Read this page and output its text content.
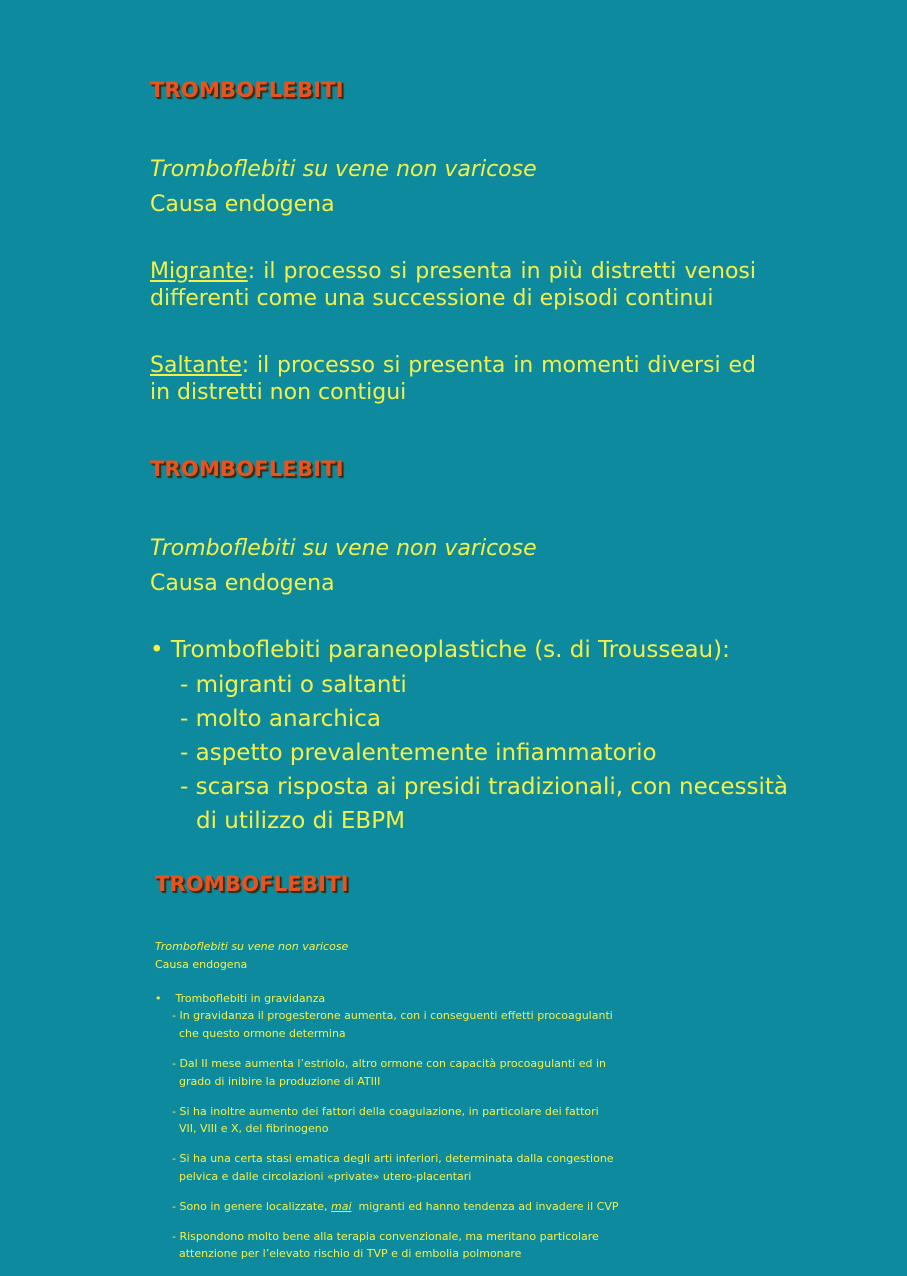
TROMBOFLEBITI
Tromboflebiti su vene non varicose
Causa endogena
Migrante: il processo si presenta in più distretti venosi differenti come una successione di episodi continui
Saltante: il processo si presenta in momenti diversi ed in distretti non contigui
TROMBOFLEBITI
Tromboflebiti su vene non varicose
Causa endogena
• Tromboflebiti paraneoplastiche (s. di Trousseau):
- migranti o saltanti
- molto anarchica
- aspetto prevalentemente infiammatorio
- scarsa risposta ai presidi tradizionali, con necessità
di utilizzo di EBPM
TROMBOFLEBITI
Tromboflebiti su vene non varicose
Causa endogena
•    Tromboflebiti in gravidanza
- In gravidanza il progesterone aumenta, con i conseguenti effetti procoagulanti
che questo ormone determina
- Dal II mese aumenta l’estriolo, altro ormone con capacità procoagulanti ed in
grado di inibire la produzione di ATIII
- Si ha inoltre aumento dei fattori della coagulazione, in particolare dei fattori
VII, VIII e X, del fibrinogeno
- Si ha una certa stasi ematica degli arti inferiori, determinata dalla congestione
pelvica e dalle circolazioni «private» utero-placentari
- Sono in genere localizzate, mai  migranti ed hanno tendenza ad invadere il CVP
- Rispondono molto bene alla terapia convenzionale, ma meritano particolare
attenzione per l’elevato rischio di TVP e di embolia polmonare
